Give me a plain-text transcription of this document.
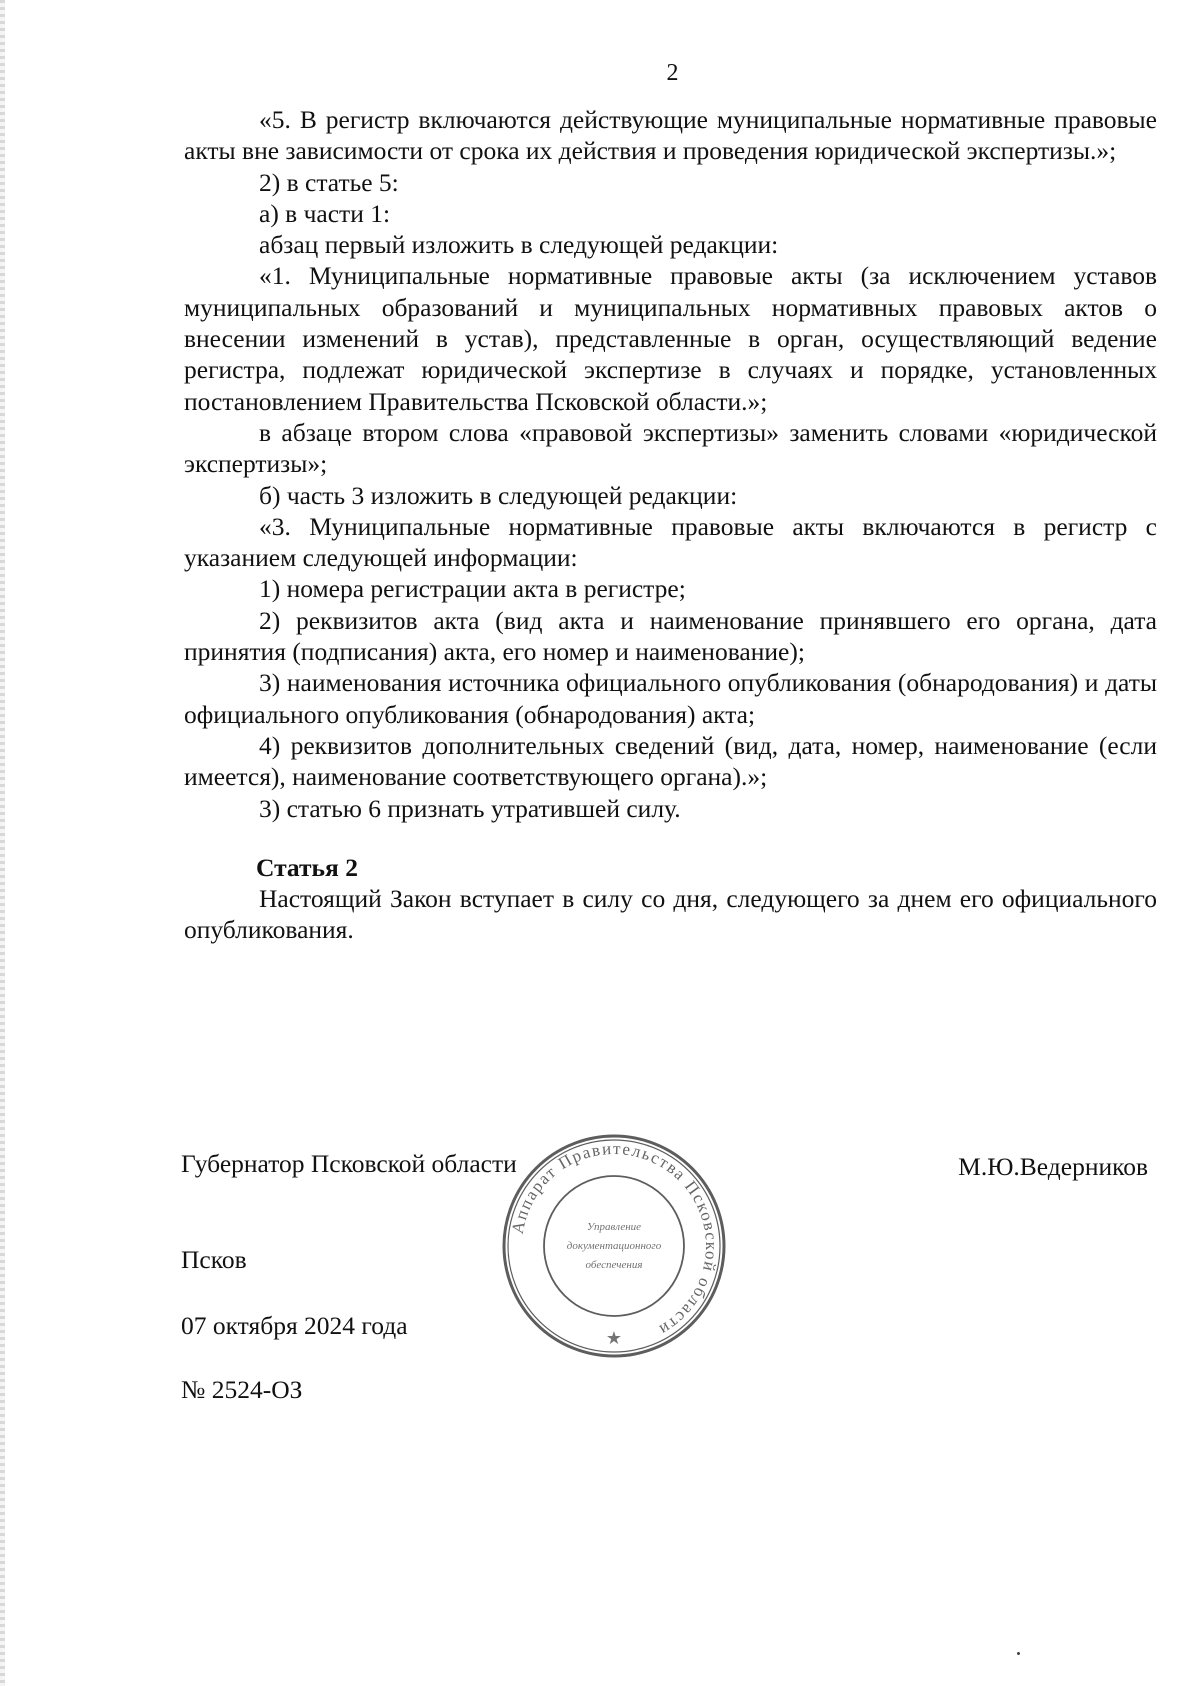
2

«5. В регистр включаются действующие муниципальные нормативные правовые акты вне зависимости от срока их действия и проведения юридической экспертизы.»;

2) в статье 5:

а) в части 1:

абзац первый изложить в следующей редакции:

«1. Муниципальные нормативные правовые акты (за исключением уставов муниципальных образований и муниципальных нормативных правовых актов о внесении изменений в устав), представленные в орган, осуществляющий ведение регистра, подлежат юридической экспертизе в случаях и порядке, установленных постановлением Правительства Псковской области.»;

в абзаце втором слова «правовой экспертизы» заменить словами «юридической экспертизы»;

б) часть 3 изложить в следующей редакции:

«3. Муниципальные нормативные правовые акты включаются в регистр с указанием следующей информации:

1) номера регистрации акта в регистре;

2) реквизитов акта (вид акта и наименование принявшего его органа, дата принятия (подписания) акта, его номер и наименование);

3) наименования источника официального опубликования (обнародования) и даты официального опубликования (обнародования) акта;

4) реквизитов дополнительных сведений (вид, дата, номер, наименование (если имеется), наименование соответствующего органа).»;

3) статью 6 признать утратившей силу.

Статья 2

Настоящий Закон вступает в силу со дня, следующего за днем его официального опубликования.

Губернатор Псковской области	М.Ю.Ведерников
Псков
07 октября 2024 года
№ 2524-ОЗ
Аппарат Правительства Псковской области
Управление
документационного
обеспечения
★
